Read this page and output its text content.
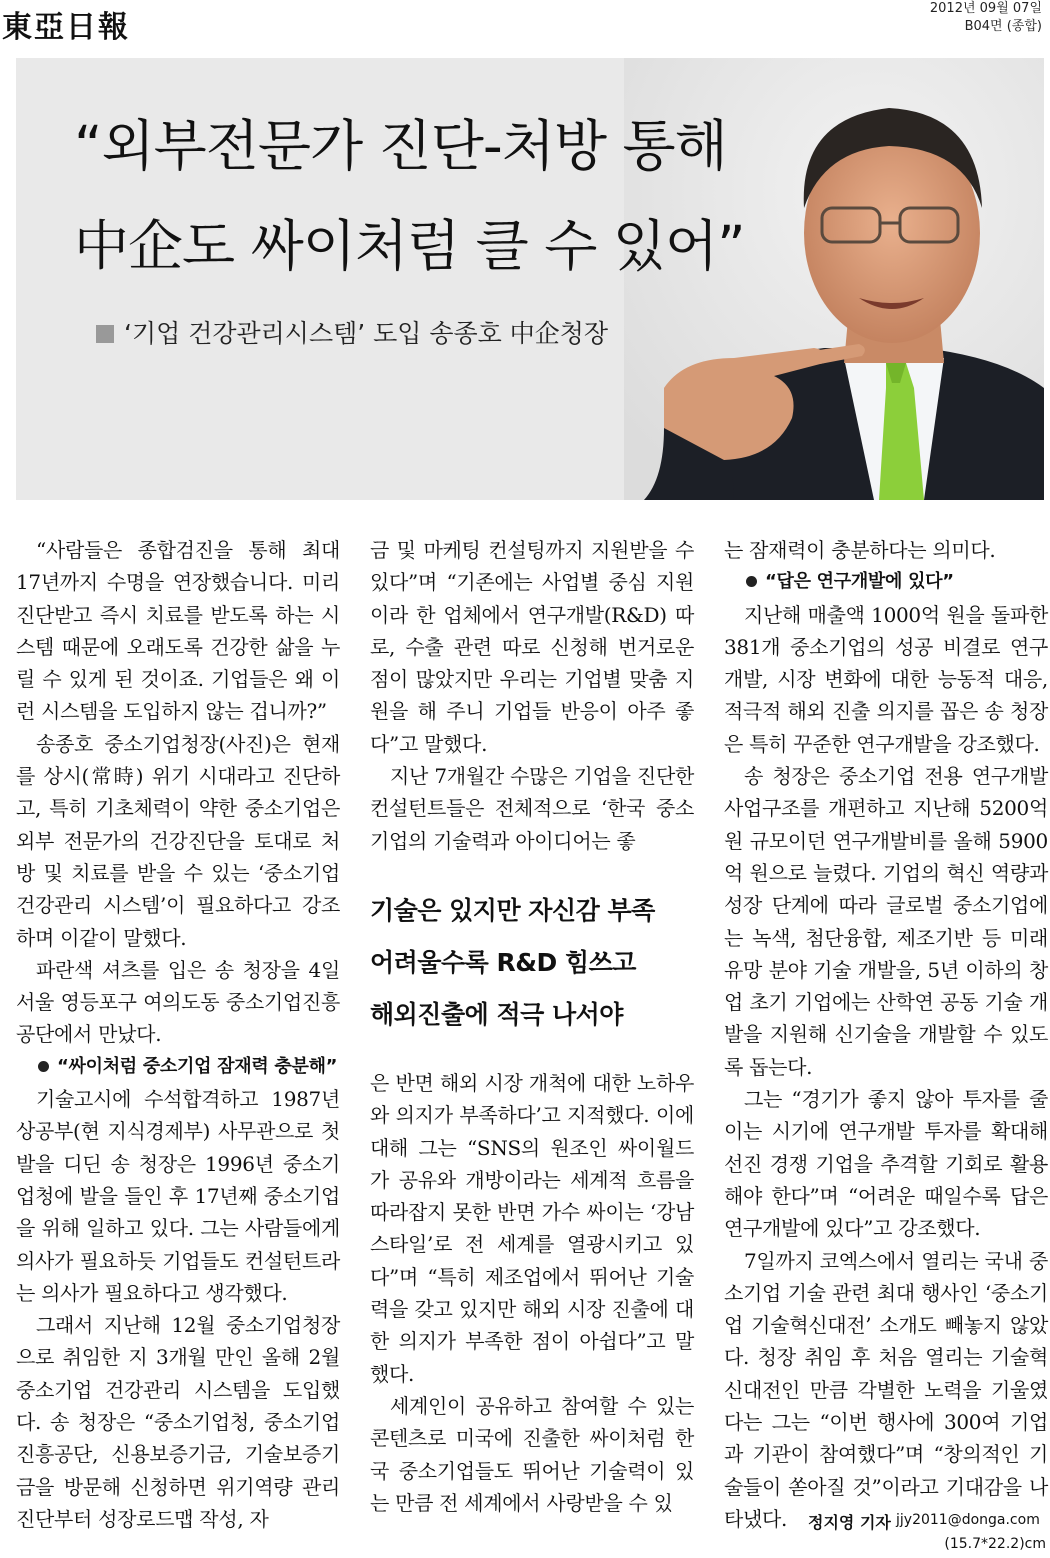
東亞日報
2012년 09월 07일
B04면 (종합)
“외부전문가 진단-처방 통해
中企도 싸이처럼 클 수 있어”
‘기업 건강관리시스템’ 도입 송종호 中企청장

“사람들은 종합검진을 통해 최대 17년까지 수명을 연장했습니다. 미리 진단받고 즉시 치료를 받도록 하는 시스템 때문에 오래도록 건강한 삶을 누릴 수 있게 된 것이죠. 기업들은 왜 이런 시스템을 도입하지 않는 겁니까?”

송종호 중소기업청장(사진)은 현재를 상시(常時) 위기 시대라고 진단하고, 특히 기초체력이 약한 중소기업은 외부 전문가의 건강진단을 토대로 처방 및 치료를 받을 수 있는 ‘중소기업 건강관리 시스템’이 필요하다고 강조하며 이같이 말했다.

파란색 셔츠를 입은 송 청장을 4일 서울 영등포구 여의도동 중소기업진흥공단에서 만났다.

“싸이처럼 중소기업 잠재력 충분해”

기술고시에 수석합격하고 1987년 상공부(현 지식경제부) 사무관으로 첫발을 디딘 송 청장은 1996년 중소기업청에 발을 들인 후 17년째 중소기업을 위해 일하고 있다. 그는 사람들에게 의사가 필요하듯 기업들도 컨설턴트라는 의사가 필요하다고 생각했다.

그래서 지난해 12월 중소기업청장으로 취임한 지 3개월 만인 올해 2월 중소기업 건강관리 시스템을 도입했다. 송 청장은 “중소기업청, 중소기업진흥공단, 신용보증기금, 기술보증기금을 방문해 신청하면 위기역량 관리 진단부터 성장로드맵 작성, 자

금 및 마케팅 컨설팅까지 지원받을 수 있다”며 “기존에는 사업별 중심 지원이라 한 업체에서 연구개발(R&D) 따로, 수출 관련 따로 신청해 번거로운 점이 많았지만 우리는 기업별 맞춤 지원을 해 주니 기업들 반응이 아주 좋다”고 말했다.

지난 7개월간 수많은 기업을 진단한 컨설턴트들은 전체적으로 ‘한국 중소기업의 기술력과 아이디어는 좋

기술은 있지만 자신감 부족
어려울수록 R&D 힘쓰고
해외진출에 적극 나서야

은 반면 해외 시장 개척에 대한 노하우와 의지가 부족하다’고 지적했다. 이에 대해 그는 “SNS의 원조인 싸이월드가 공유와 개방이라는 세계적 흐름을 따라잡지 못한 반면 가수 싸이는 ‘강남스타일’로 전 세계를 열광시키고 있다”며 “특히 제조업에서 뛰어난 기술력을 갖고 있지만 해외 시장 진출에 대한 의지가 부족한 점이 아쉽다”고 말했다.

세계인이 공유하고 참여할 수 있는 콘텐츠로 미국에 진출한 싸이처럼 한국 중소기업들도 뛰어난 기술력이 있는 만큼 전 세계에서 사랑받을 수 있

는 잠재력이 충분하다는 의미다.

“답은 연구개발에 있다”

지난해 매출액 1000억 원을 돌파한 381개 중소기업의 성공 비결로 연구개발, 시장 변화에 대한 능동적 대응, 적극적 해외 진출 의지를 꼽은 송 청장은 특히 꾸준한 연구개발을 강조했다.

송 청장은 중소기업 전용 연구개발 사업구조를 개편하고 지난해 5200억 원 규모이던 연구개발비를 올해 5900억 원으로 늘렸다. 기업의 혁신 역량과 성장 단계에 따라 글로벌 중소기업에는 녹색, 첨단융합, 제조기반 등 미래 유망 분야 기술 개발을, 5년 이하의 창업 초기 기업에는 산학연 공동 기술 개발을 지원해 신기술을 개발할 수 있도록 돕는다.

그는 “경기가 좋지 않아 투자를 줄이는 시기에 연구개발 투자를 확대해 선진 경쟁 기업을 추격할 기회로 활용해야 한다”며 “어려운 때일수록 답은 연구개발에 있다”고 강조했다.

7일까지 코엑스에서 열리는 국내 중소기업 기술 관련 최대 행사인 ‘중소기업 기술혁신대전’ 소개도 빼놓지 않았다. 청장 취임 후 처음 열리는 기술혁신대전인 만큼 각별한 노력을 기울였다는 그는 “이번 행사에 300여 기업과 기관이 참여했다”며 “창의적인 기술들이 쏟아질 것”이라고 기대감을 나타냈다.	정지영 기자 jjy2011@donga.com
(15.7*22.2)cm
